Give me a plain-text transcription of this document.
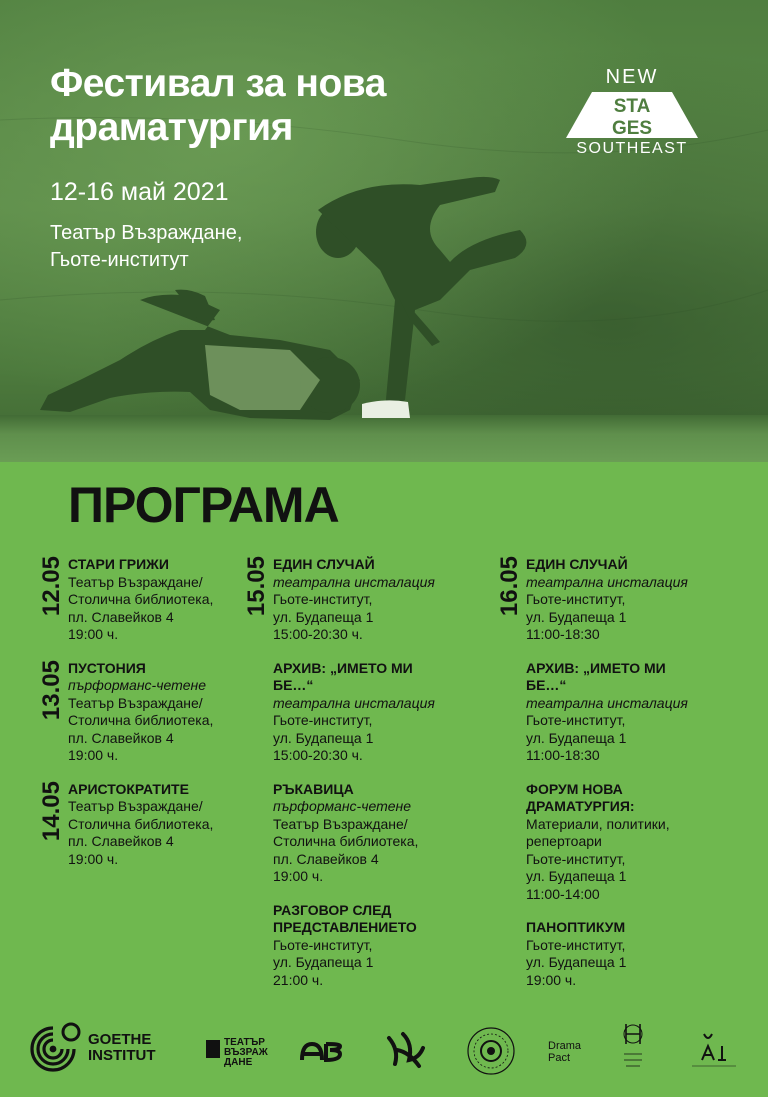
Фестивал за нова
драматургия
12-16 май 2021
Театър Възраждане,
Гьоте-институт
NEW
STA
GES
SOUTHEAST
ПРОГРАМА
12.05 СТАРИ ГРИЖИ
Театър Възраждане/
Столична библиотека,
пл. Славейков 4
19:00 ч.
13.05 ПУСТОНИЯ
пърформанс-четене
Театър Възраждане/
Столична библиотека,
пл. Славейков 4
19:00 ч.
14.05 АРИСТОКРАТИТЕ
Театър Възраждане/
Столична библиотека,
пл. Славейков 4
19:00 ч.
15.05 ЕДИН СЛУЧАЙ
театрална инсталация
Гьоте-институт,
ул. Будапеща 1
15:00-20:30 ч.
АРХИВ: „ИМЕТО МИ БЕ…“
театрална инсталация
Гьоте-институт,
ул. Будапеща 1
15:00-20:30 ч.
РЪКАВИЦА
пърформанс-четене
Театър Възраждане/
Столична библиотека,
пл. Славейков 4
19:00 ч.
РАЗГОВОР СЛЕД ПРЕДСТАВЛЕНИЕТО
Гьоте-институт,
ул. Будапеща 1
21:00 ч.
16.05 ЕДИН СЛУЧАЙ
театрална инсталация
Гьоте-институт,
ул. Будапеща 1
11:00-18:30
АРХИВ: „ИМЕТО МИ БЕ…“
театрална инсталация
Гьоте-институт,
ул. Будапеща 1
11:00-18:30
ФОРУМ НОВА ДРАМАТУРГИЯ:
Материали, политики,
репертоари
Гьоте-институт,
ул. Будапеща 1
11:00-14:00
ПАНОПТИКУМ
Гьоте-институт,
ул. Будапеща 1
19:00 ч.
GOETHE
INSTITUT
ТЕАТЪР
ВЪЗРАЖ
ДАНЕ
Drama
Pact
